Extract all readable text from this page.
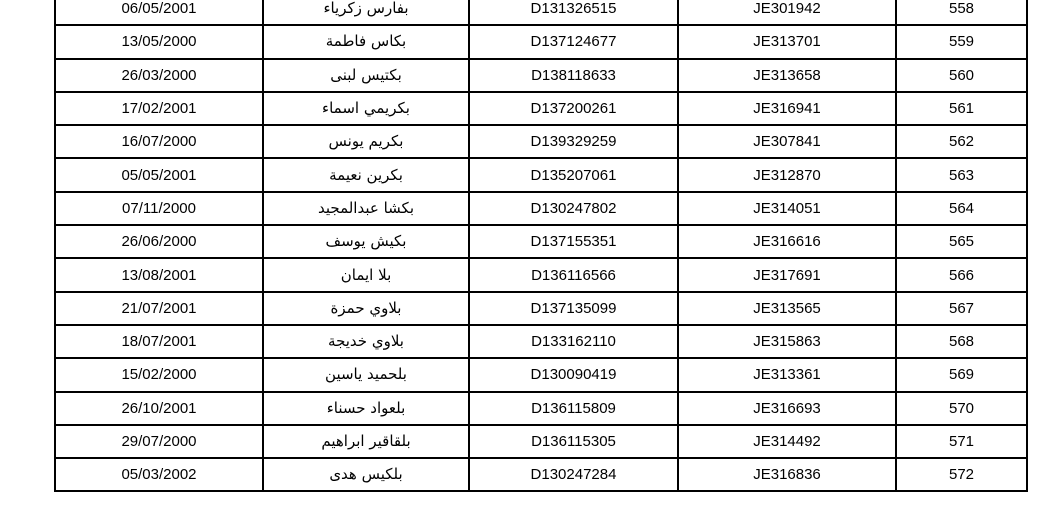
06/05/2001	بفارس زكرياء	D131326515	JE301942	558
13/05/2000	بكاس فاطمة	D137124677	JE313701	559
26/03/2000	بكتيس لبنى	D138118633	JE313658	560
17/02/2001	بكريمي اسماء	D137200261	JE316941	561
16/07/2000	بكريم يونس	D139329259	JE307841	562
05/05/2001	بكرين نعيمة	D135207061	JE312870	563
07/11/2000	بكشا عبدالمجيد	D130247802	JE314051	564
26/06/2000	بكيش يوسف	D137155351	JE316616	565
13/08/2001	بلا ايمان	D136116566	JE317691	566
21/07/2001	بلاوي حمزة	D137135099	JE313565	567
18/07/2001	بلاوي خديجة	D133162110	JE315863	568
15/02/2000	بلحميد ياسين	D130090419	JE313361	569
26/10/2001	بلعواد حسناء	D136115809	JE316693	570
29/07/2000	بلقاقير ابراهيم	D136115305	JE314492	571
05/03/2002	بلكيس هدى	D130247284	JE316836	572
